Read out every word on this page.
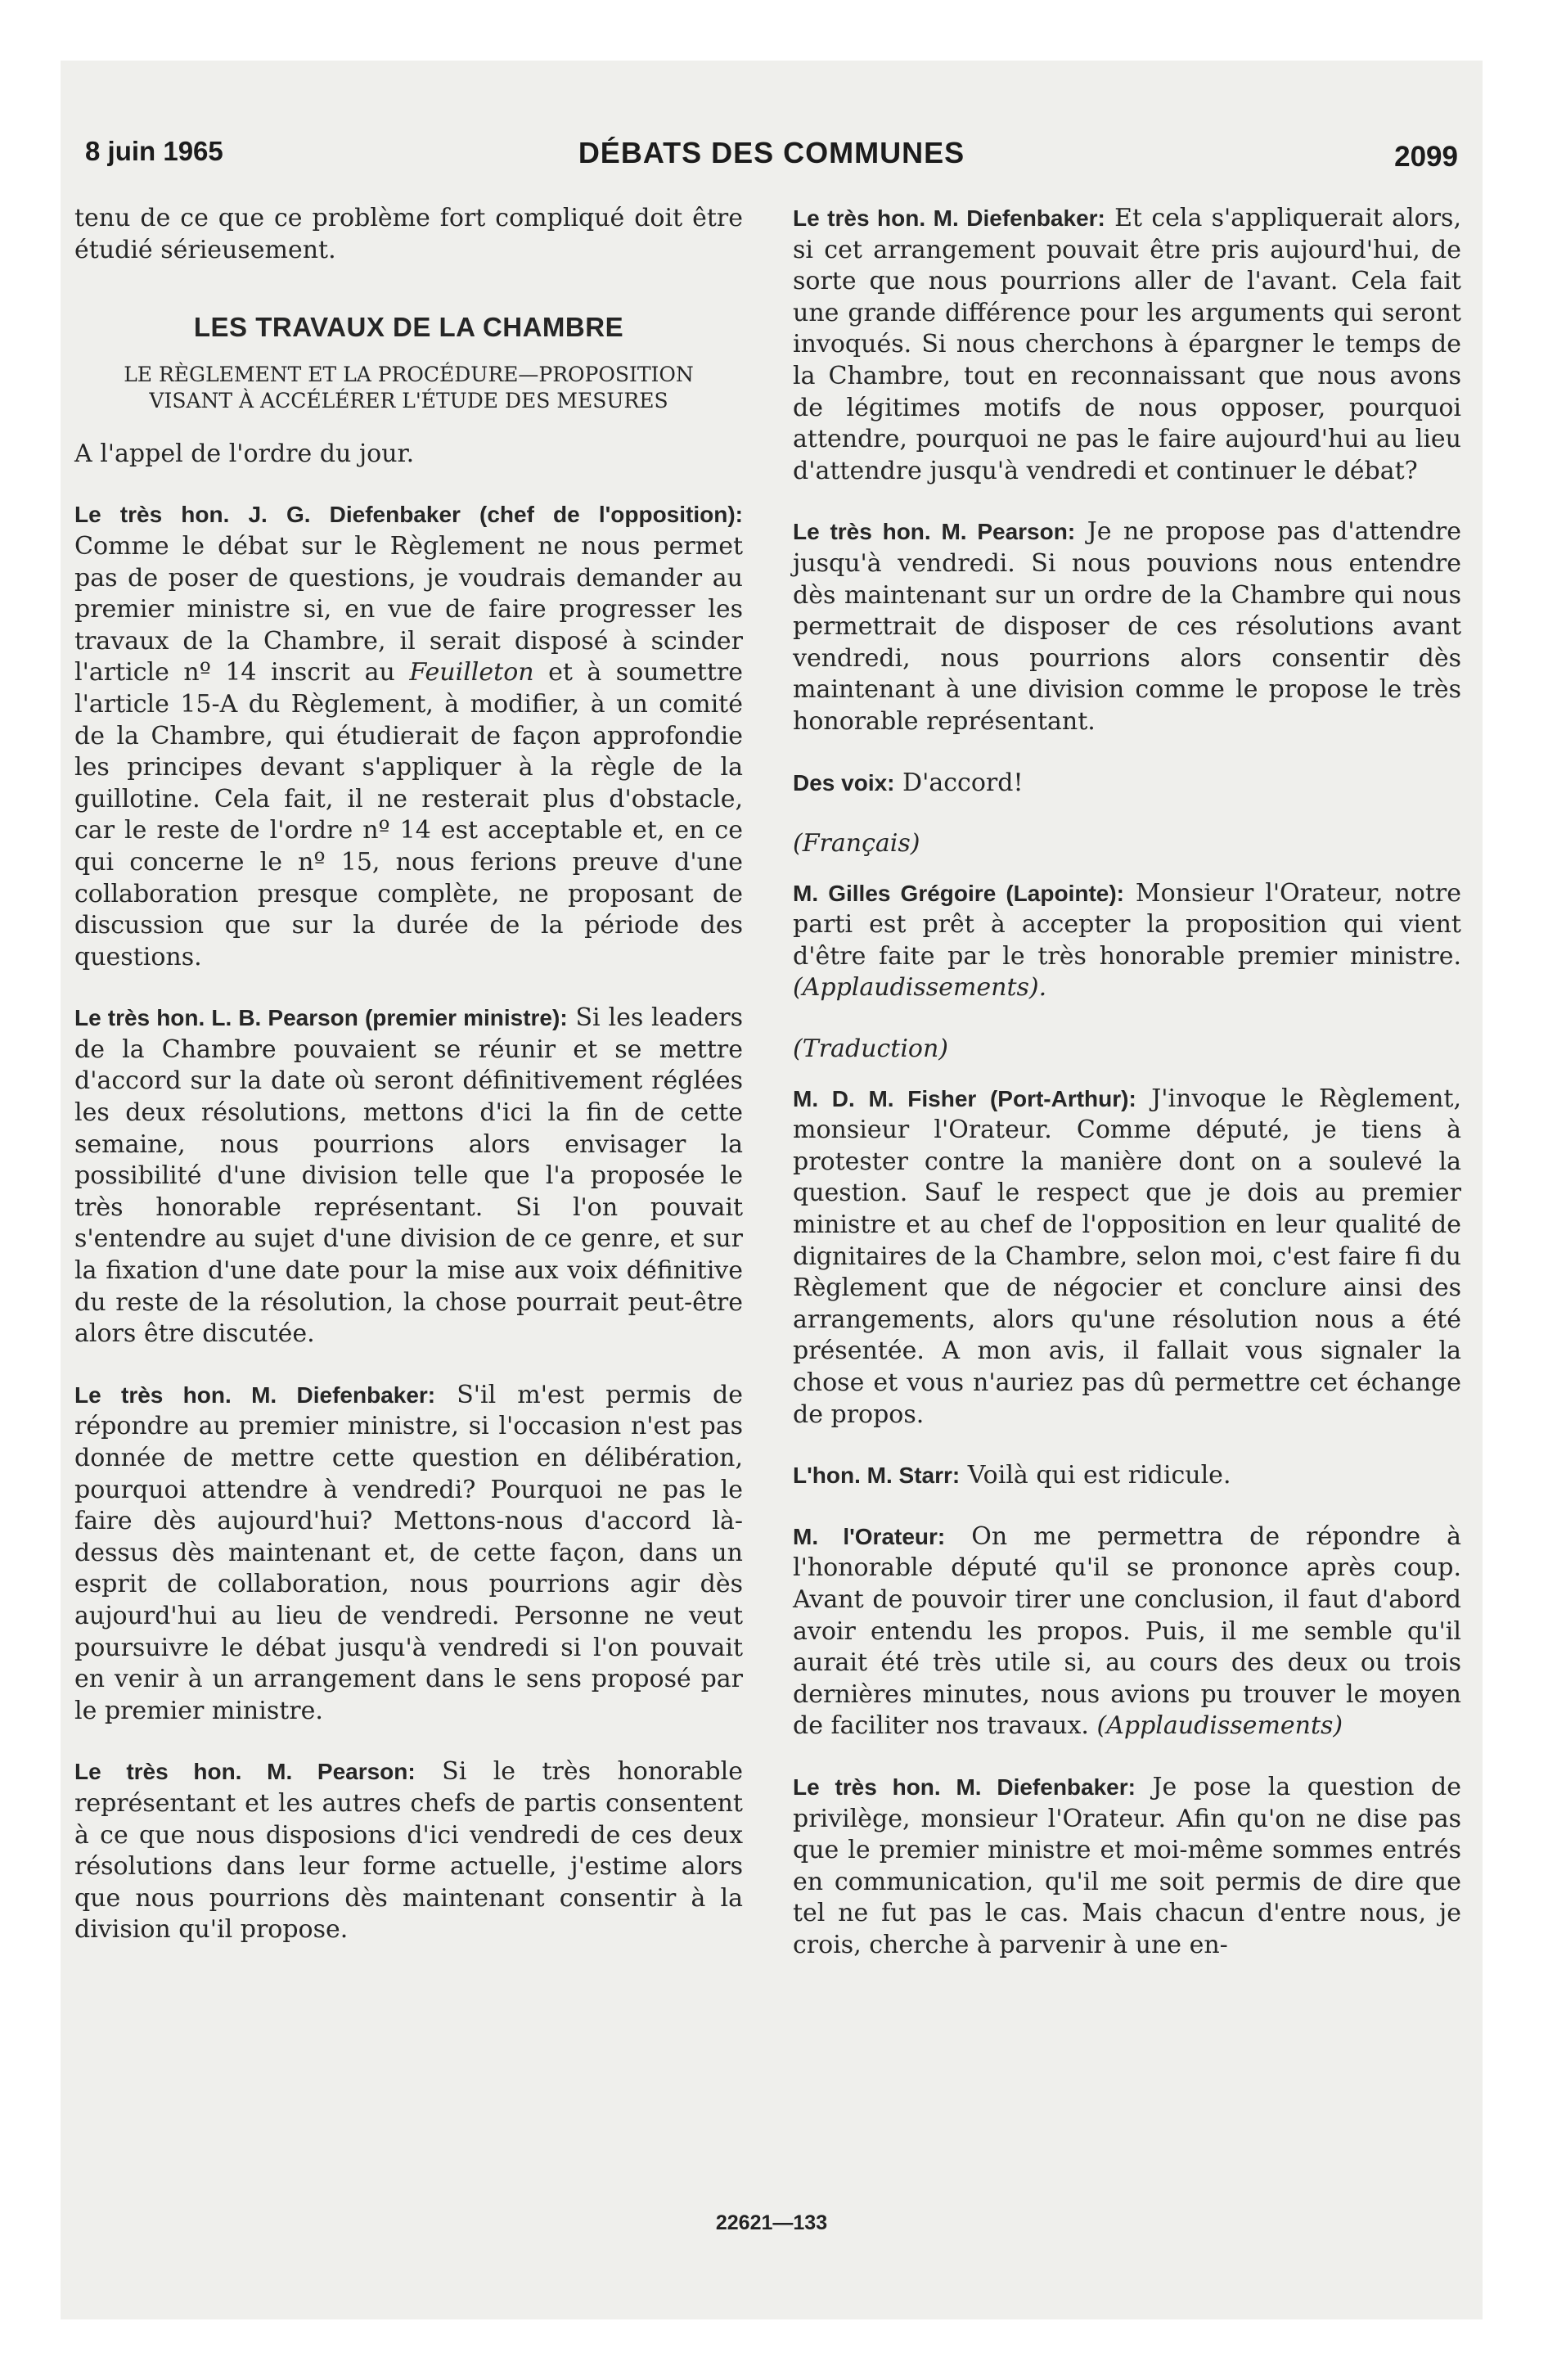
8 juin 1965	DÉBATS DES COMMUNES	2099

tenu de ce que ce problème fort compliqué doit être étudié sérieusement.

LES TRAVAUX DE LA CHAMBRE
LE RÈGLEMENT ET LA PROCÉDURE—PROPOSITION VISANT À ACCÉLÉRER L'ÉTUDE DES MESURES

A l'appel de l'ordre du jour.

Le très hon. J. G. Diefenbaker (chef de l'opposition): Comme le débat sur le Règlement ne nous permet pas de poser de questions, je voudrais demander au premier ministre si, en vue de faire progresser les travaux de la Chambre, il serait disposé à scinder l'article nº 14 inscrit au Feuilleton et à soumettre l'article 15-A du Règlement, à modifier, à un comité de la Chambre, qui étudierait de façon approfondie les principes devant s'appliquer à la règle de la guillotine. Cela fait, il ne resterait plus d'obstacle, car le reste de l'ordre nº 14 est acceptable et, en ce qui concerne le nº 15, nous ferions preuve d'une collaboration presque complète, ne proposant de discussion que sur la durée de la période des questions.

Le très hon. L. B. Pearson (premier ministre): Si les leaders de la Chambre pouvaient se réunir et se mettre d'accord sur la date où seront définitivement réglées les deux résolutions, mettons d'ici la fin de cette semaine, nous pourrions alors envisager la possibilité d'une division telle que l'a proposée le très honorable représentant. Si l'on pouvait s'entendre au sujet d'une division de ce genre, et sur la fixation d'une date pour la mise aux voix définitive du reste de la résolution, la chose pourrait peut-être alors être discutée.

Le très hon. M. Diefenbaker: S'il m'est permis de répondre au premier ministre, si l'occasion n'est pas donnée de mettre cette question en délibération, pourquoi attendre à vendredi? Pourquoi ne pas le faire dès aujourd'hui? Mettons-nous d'accord là-dessus dès maintenant et, de cette façon, dans un esprit de collaboration, nous pourrions agir dès aujourd'hui au lieu de vendredi. Personne ne veut poursuivre le débat jusqu'à vendredi si l'on pouvait en venir à un arrangement dans le sens proposé par le premier ministre.

Le très hon. M. Pearson: Si le très honorable représentant et les autres chefs de partis consentent à ce que nous disposions d'ici vendredi de ces deux résolutions dans leur forme actuelle, j'estime alors que nous pourrions dès maintenant consentir à la division qu'il propose.

Le très hon. M. Diefenbaker: Et cela s'appliquerait alors, si cet arrangement pouvait être pris aujourd'hui, de sorte que nous pourrions aller de l'avant. Cela fait une grande différence pour les arguments qui seront invoqués. Si nous cherchons à épargner le temps de la Chambre, tout en reconnaissant que nous avons de légitimes motifs de nous opposer, pourquoi attendre, pourquoi ne pas le faire aujourd'hui au lieu d'attendre jusqu'à vendredi et continuer le débat?

Le très hon. M. Pearson: Je ne propose pas d'attendre jusqu'à vendredi. Si nous pouvions nous entendre dès maintenant sur un ordre de la Chambre qui nous permettrait de disposer de ces résolutions avant vendredi, nous pourrions alors consentir dès maintenant à une division comme le propose le très honorable représentant.

Des voix: D'accord!

(Français)

M. Gilles Grégoire (Lapointe): Monsieur l'Orateur, notre parti est prêt à accepter la proposition qui vient d'être faite par le très honorable premier ministre. (Applaudissements).

(Traduction)

M. D. M. Fisher (Port-Arthur): J'invoque le Règlement, monsieur l'Orateur. Comme député, je tiens à protester contre la manière dont on a soulevé la question. Sauf le respect que je dois au premier ministre et au chef de l'opposition en leur qualité de dignitaires de la Chambre, selon moi, c'est faire fi du Règlement que de négocier et conclure ainsi des arrangements, alors qu'une résolution nous a été présentée. A mon avis, il fallait vous signaler la chose et vous n'auriez pas dû permettre cet échange de propos.

L'hon. M. Starr: Voilà qui est ridicule.

M. l'Orateur: On me permettra de répondre à l'honorable député qu'il se prononce après coup. Avant de pouvoir tirer une conclusion, il faut d'abord avoir entendu les propos. Puis, il me semble qu'il aurait été très utile si, au cours des deux ou trois dernières minutes, nous avions pu trouver le moyen de faciliter nos travaux. (Applaudissements)

Le très hon. M. Diefenbaker: Je pose la question de privilège, monsieur l'Orateur. Afin qu'on ne dise pas que le premier ministre et moi-même sommes entrés en communication, qu'il me soit permis de dire que tel ne fut pas le cas. Mais chacun d'entre nous, je crois, cherche à parvenir à une en-

22621—133
